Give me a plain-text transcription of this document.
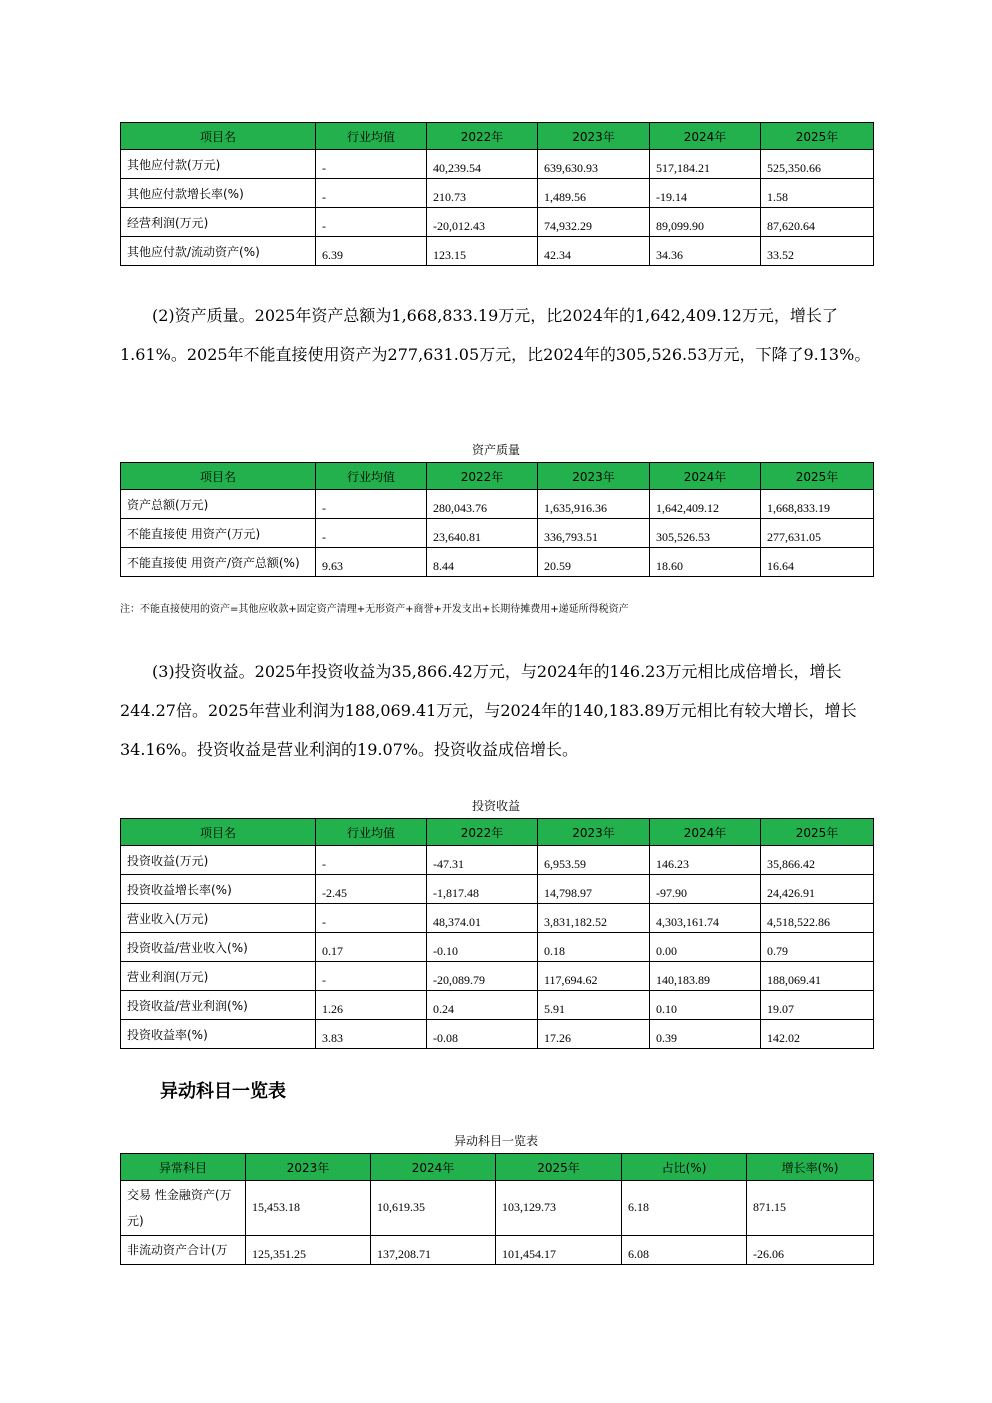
项目名	行业均值	2022年	2023年	2024年	2025年
其他应付款(万元)	-	40,239.54	639,630.93	517,184.21	525,350.66
其他应付款增长率(%)	-	210.73	1,489.56	-19.14	1.58
经营利润(万元)	-	-20,012.43	74,932.29	89,099.90	87,620.64
其他应付款/流动资产(%)	6.39	123.15	42.34	34.36	33.52
(2)资产质量。2025年资产总额为1,668,833.19万元，比2024年的1,642,409.12万元，增长了1.61%。2025年不能直接使用资产为277,631.05万元，比2024年的305,526.53万元，下降了9.13%。
资产质量
项目名	行业均值	2022年	2023年	2024年	2025年
资产总额(万元)	-	280,043.76	1,635,916.36	1,642,409.12	1,668,833.19
不能直接使 用资产(万元)	-	23,640.81	336,793.51	305,526.53	277,631.05
不能直接使 用资产/资产总额(%)	9.63	8.44	20.59	18.60	16.64
注：不能直接使用的资产=其他应收款+固定资产清理+无形资产+商誉+开发支出+长期待摊费用+递延所得税资产
(3)投资收益。2025年投资收益为35,866.42万元，与2024年的146.23万元相比成倍增长，增长244.27倍。2025年营业利润为188,069.41万元，与2024年的140,183.89万元相比有较大增长，增长34.16%。投资收益是营业利润的19.07%。投资收益成倍增长。
投资收益
项目名	行业均值	2022年	2023年	2024年	2025年
投资收益(万元)	-	-47.31	6,953.59	146.23	35,866.42
投资收益增长率(%)	-2.45	-1,817.48	14,798.97	-97.90	24,426.91
营业收入(万元)	-	48,374.01	3,831,182.52	4,303,161.74	4,518,522.86
投资收益/营业收入(%)	0.17	-0.10	0.18	0.00	0.79
营业利润(万元)	-	-20,089.79	117,694.62	140,183.89	188,069.41
投资收益/营业利润(%)	1.26	0.24	5.91	0.10	19.07
投资收益率(%)	3.83	-0.08	17.26	0.39	142.02
异动科目一览表
异动科目一览表
异常科目	2023年	2024年	2025年	占比(%)	增长率(%)
交易 性金融资产(万元)	15,453.18	10,619.35	103,129.73	6.18	871.15
非流动资产合计(万	125,351.25	137,208.71	101,454.17	6.08	-26.06
